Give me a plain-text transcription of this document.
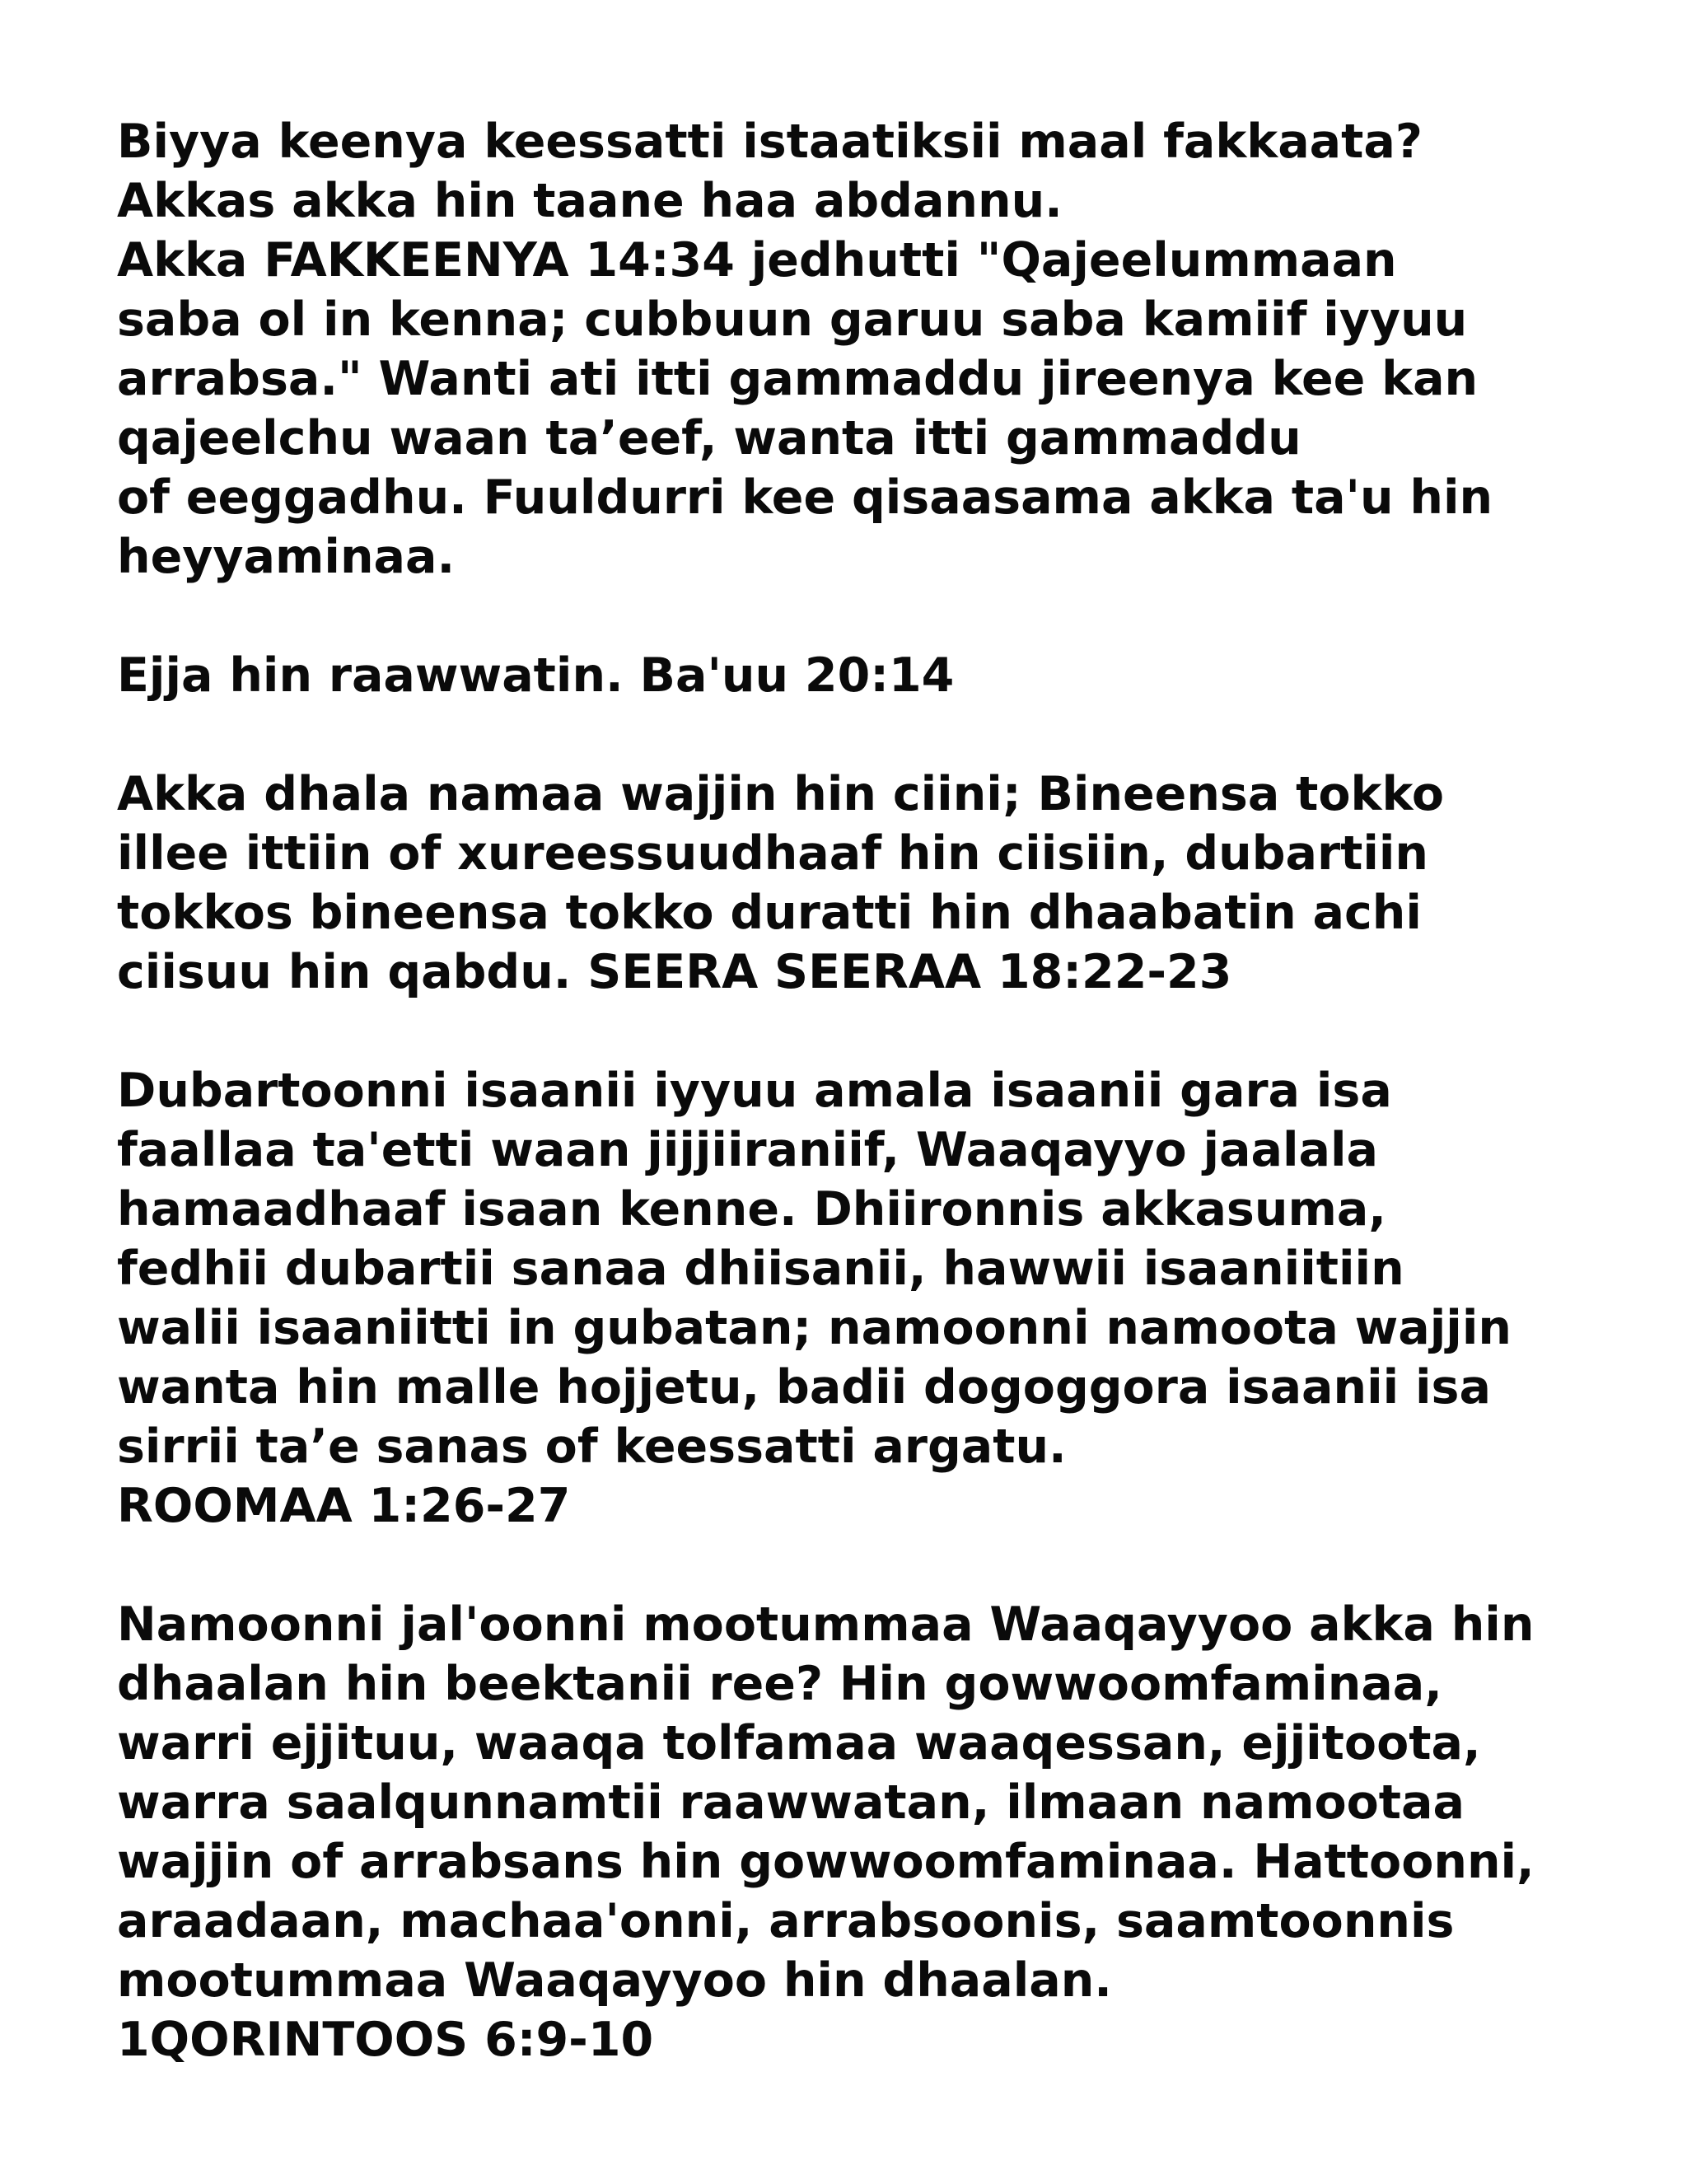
Biyya keenya keessatti istaatiksii maal fakkaata?
Akkas akka hin taane haa abdannu.
Akka FAKKEENYA 14:34 jedhutti "Qajeelummaan
saba ol in kenna; cubbuun garuu saba kamiif iyyuu
arrabsa." Wanti ati itti gammaddu jireenya kee kan
qajeelchu waan ta’eef, wanta itti gammaddu
of eeggadhu. Fuuldurri kee qisaasama akka ta'u hin
heyyaminaa.
Ejja hin raawwatin. Ba'uu 20:14
Akka dhala namaa wajjin hin ciini; Bineensa tokko
illee ittiin of xureessuudhaaf hin ciisiin, dubartiin
tokkos bineensa tokko duratti hin dhaabatin achi
ciisuu hin qabdu. SEERA SEERAA 18:22-23
Dubartoonni isaanii iyyuu amala isaanii gara isa
faallaa ta'etti waan jijjiiraniif, Waaqayyo jaalala
hamaadhaaf isaan kenne. Dhiironnis akkasuma,
fedhii dubartii sanaa dhiisanii, hawwii isaaniitiin
walii isaaniitti in gubatan; namoonni namoota wajjin
wanta hin malle hojjetu, badii dogoggora isaanii isa
sirrii ta’e sanas of keessatti argatu.
ROOMAA 1:26-27
Namoonni jal'oonni mootummaa Waaqayyoo akka hin
dhaalan hin beektanii ree? Hin gowwoomfaminaa,
warri ejjituu, waaqa tolfamaa waaqessan, ejjitoota,
warra saalqunnamtii raawwatan, ilmaan namootaa
wajjin of arrabsans hin gowwoomfaminaa. Hattoonni,
araadaan, machaa'onni, arrabsoonis, saamtoonnis
mootummaa Waaqayyoo hin dhaalan.
1QORINTOOS 6:9-10
